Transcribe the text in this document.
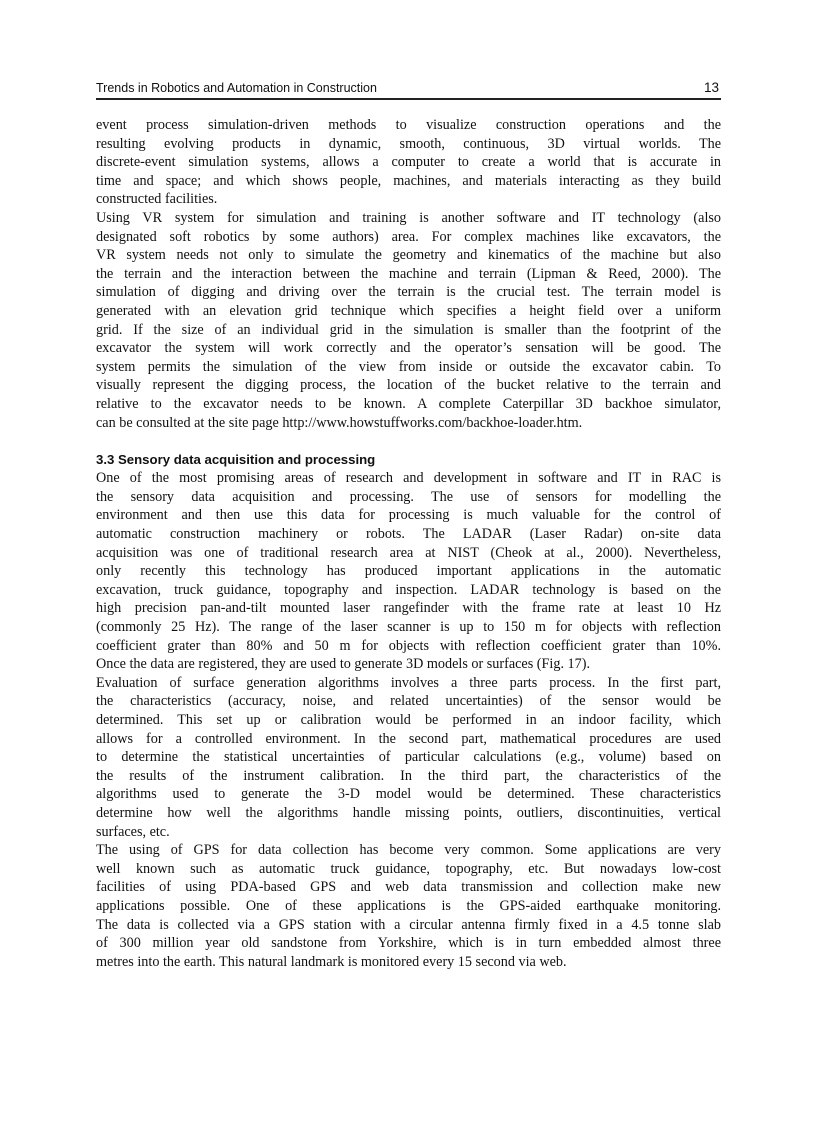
Trends in Robotics and Automation in Construction	13
event process simulation-driven methods to visualize construction operations and the
resulting evolving products in dynamic, smooth, continuous, 3D virtual worlds. The
discrete-event simulation systems, allows a computer to create a world that is accurate in
time and space; and which shows people, machines, and materials interacting as they build
constructed facilities.
Using VR system for simulation and training is another software and IT technology (also
designated soft robotics by some authors) area. For complex machines like excavators, the
VR system needs not only to simulate the geometry and kinematics of the machine but also
the terrain and the interaction between the machine and terrain (Lipman & Reed, 2000). The
simulation of digging and driving over the terrain is the crucial test. The terrain model is
generated with an elevation grid technique which specifies a height field over a uniform
grid. If the size of an individual grid in the simulation is smaller than the footprint of the
excavator the system will work correctly and the operator’s sensation will be good. The
system permits the simulation of the view from inside or outside the excavator cabin. To
visually represent the digging process, the location of the bucket relative to the terrain and
relative to the excavator needs to be known. A complete Caterpillar 3D backhoe simulator,
can be consulted at the site page http://www.howstuffworks.com/backhoe-loader.htm.
3.3 Sensory data acquisition and processing
One of the most promising areas of research and development in software and IT in RAC is
the sensory data acquisition and processing. The use of sensors for modelling the
environment and then use this data for processing is much valuable for the control of
automatic construction machinery or robots. The LADAR (Laser Radar) on-site data
acquisition was one of traditional research area at NIST (Cheok at al., 2000). Nevertheless,
only recently this technology has produced important applications in the automatic
excavation, truck guidance, topography and inspection. LADAR technology is based on the
high precision pan-and-tilt mounted laser rangefinder with the frame rate at least 10 Hz
(commonly 25 Hz). The range of the laser scanner is up to 150 m for objects with reflection
coefficient grater than 80% and 50 m for objects with reflection coefficient grater than 10%.
Once the data are registered, they are used to generate 3D models or surfaces (Fig. 17).
Evaluation of surface generation algorithms involves a three parts process. In the first part,
the characteristics (accuracy, noise, and related uncertainties) of the sensor would be
determined. This set up or calibration would be performed in an indoor facility, which
allows for a controlled environment. In the second part, mathematical procedures are used
to determine the statistical uncertainties of particular calculations (e.g., volume) based on
the results of the instrument calibration. In the third part, the characteristics of the
algorithms used to generate the 3-D model would be determined. These characteristics
determine how well the algorithms handle missing points, outliers, discontinuities, vertical
surfaces, etc.
The using of GPS for data collection has become very common. Some applications are very
well known such as automatic truck guidance, topography, etc. But nowadays low-cost
facilities of using PDA-based GPS and web data transmission and collection make new
applications possible. One of these applications is the GPS-aided earthquake monitoring.
The data is collected via a GPS station with a circular antenna firmly fixed in a 4.5 tonne slab
of 300 million year old sandstone from Yorkshire, which is in turn embedded almost three
metres into the earth. This natural landmark is monitored every 15 second via web.
